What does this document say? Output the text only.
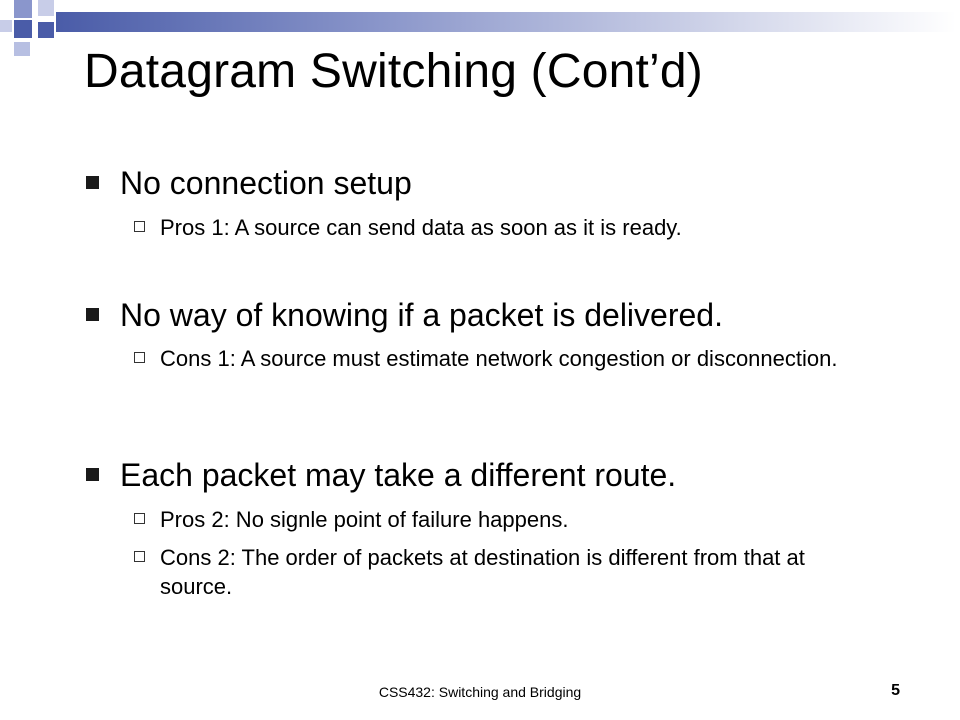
Datagram Switching (Cont’d)
No connection setup
Pros 1: A source can send data as soon as it is ready.
No way of knowing if a packet is delivered.
Cons 1: A source must estimate network congestion or disconnection.
Each packet may take a different route.
Pros 2: No signle point of failure happens.
Cons 2: The order of packets at destination is different from that at source.
CSS432: Switching and Bridging	5
